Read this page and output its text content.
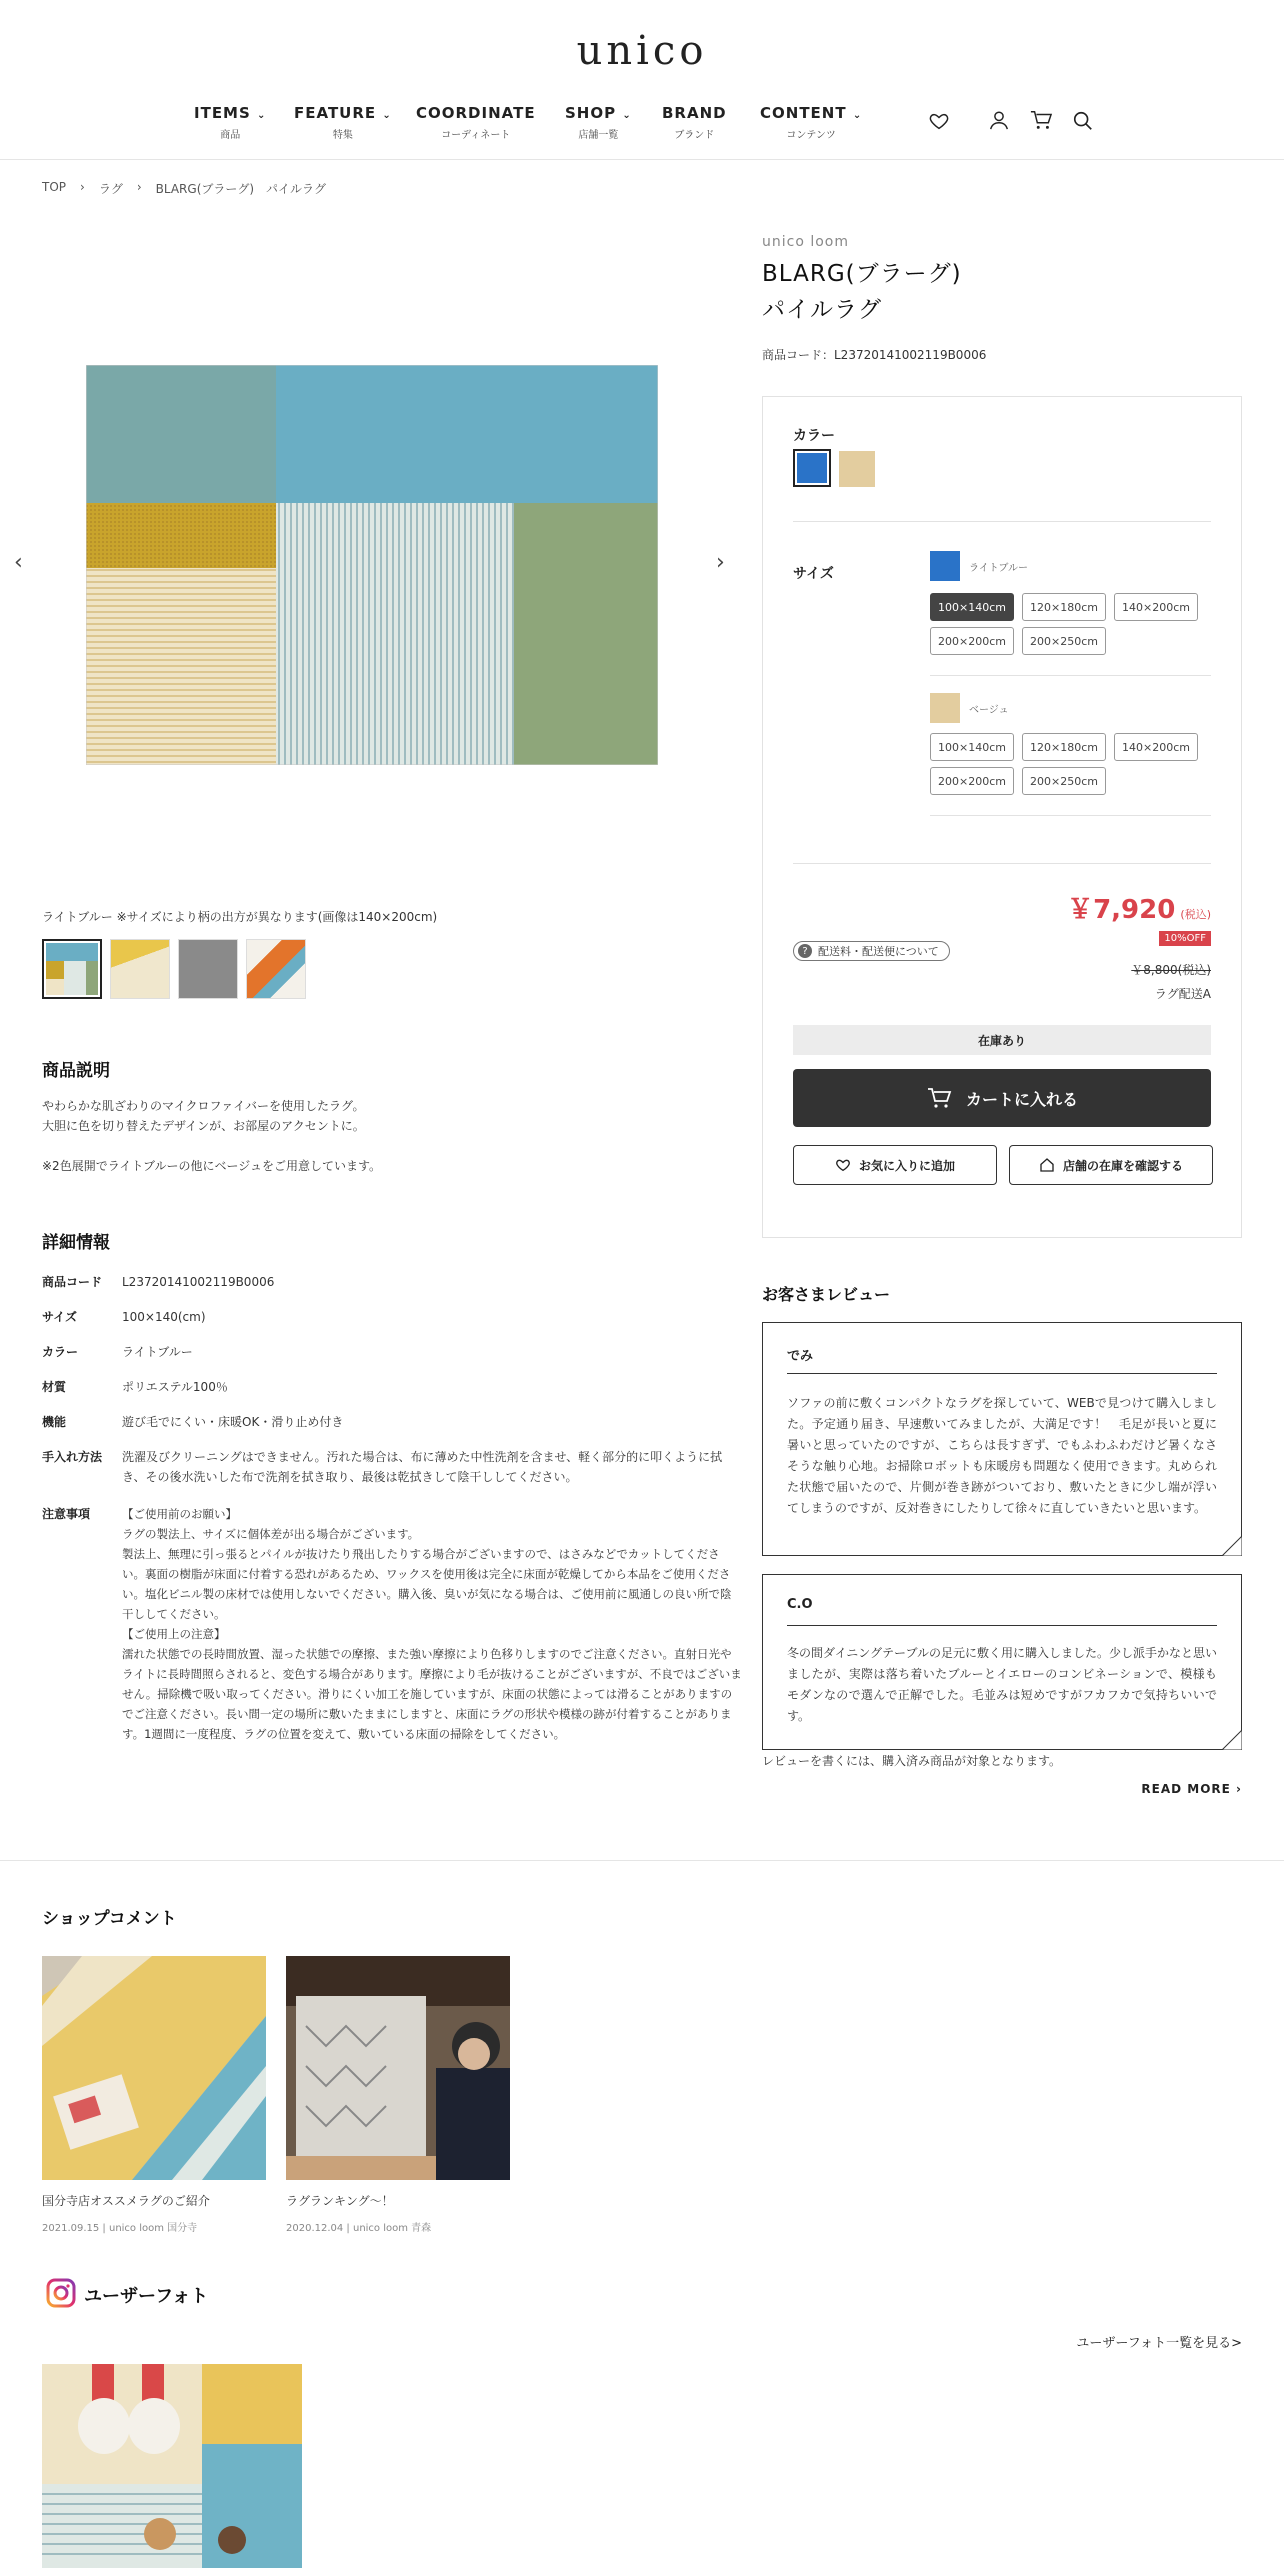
unico
ITEMS ⌄
商品
FEATURE ⌄
特集
COORDINATE
コーディネート
SHOP ⌄
店舗一覧
BRAND
ブランド
CONTENT ⌄
コンテンツ
TOP › ラグ › BLARG(ブラーグ)　パイルラグ
‹	›
ライトブルー ※サイズにより柄の出方が異なります(画像は140×200cm)
unico loom
BLARG(ブラーグ)
パイルラグ
商品コード：L23720141002119B0006
カラー
サイズ	ライトブルー
100×140cm	120×180cm	140×200cm
200×200cm	200×250cm
ベージュ
100×140cm	120×180cm	140×200cm
200×200cm	200×250cm
￥7,920 (税込)
? 配送料・配送便について
10%OFF
￥8,800(税込)
ラグ配送A
在庫あり
カートに入れる
お気に入りに追加	店舗の在庫を確認する
商品説明
やわらかな肌ざわりのマイクロファイバーを使用したラグ。
大胆に色を切り替えたデザインが、お部屋のアクセントに。
※2色展開でライトブルーの他にベージュをご用意しています。
詳細情報
商品コード	L23720141002119B0006
サイズ	100×140(cm)
カラー	ライトブルー
材質	ポリエステル100％
機能	遊び毛でにくい・床暖OK・滑り止め付き
手入れ方法	洗濯及びクリーニングはできません。汚れた場合は、布に薄めた中性洗剤を含ませ、軽く部分的に叩くように拭き、その後水洗いした布で洗剤を拭き取り、最後は乾拭きして陰干ししてください。
注意事項	【ご使用前のお願い】
ラグの製法上、サイズに個体差が出る場合がございます。
製法上、無理に引っ張るとパイルが抜けたり飛出したりする場合がございますので、はさみなどでカットしてください。裏面の樹脂が床面に付着する恐れがあるため、ワックスを使用後は完全に床面が乾燥してから本品をご使用ください。塩化ビニル製の床材では使用しないでください。購入後、臭いが気になる場合は、ご使用前に風通しの良い所で陰干ししてください。
【ご使用上の注意】
濡れた状態での長時間放置、湿った状態での摩擦、また強い摩擦により色移りしますのでご注意ください。直射日光やライトに長時間照らされると、変色する場合があります。摩擦により毛が抜けることがございますが、不良ではございません。掃除機で吸い取ってください。滑りにくい加工を施していますが、床面の状態によっては滑ることがありますのでご注意ください。長い間一定の場所に敷いたままにしますと、床面にラグの形状や模様の跡が付着することがあります。1週間に一度程度、ラグの位置を変えて、敷いている床面の掃除をしてください。
お客さまレビュー
でみ
ソファの前に敷くコンパクトなラグを探していて、WEBで見つけて購入しました。予定通り届き、早速敷いてみましたが、大満足です！　毛足が長いと夏に暑いと思っていたのですが、こちらは長すぎず、でもふわふわだけど暑くなさそうな触り心地。お掃除ロボットも床暖房も問題なく使用できます。丸められた状態で届いたので、片側が巻き跡がついており、敷いたときに少し端が浮いてしまうのですが、反対巻きにしたりして徐々に直していきたいと思います。
C.O
冬の間ダイニングテーブルの足元に敷く用に購入しました。少し派手かなと思いましたが、実際は落ち着いたブルーとイエローのコンビネーションで、模様もモダンなので選んで正解でした。毛並みは短めですがフカフカで気持ちいいです。
レビューを書くには、購入済み商品が対象となります。
READ MORE ›
ショップコメント
国分寺店オススメラグのご紹介
2021.09.15 | unico loom 国分寺
ラグランキング～！
2020.12.04 | unico loom 青森
ユーザーフォト
ユーザーフォト一覧を見る>
